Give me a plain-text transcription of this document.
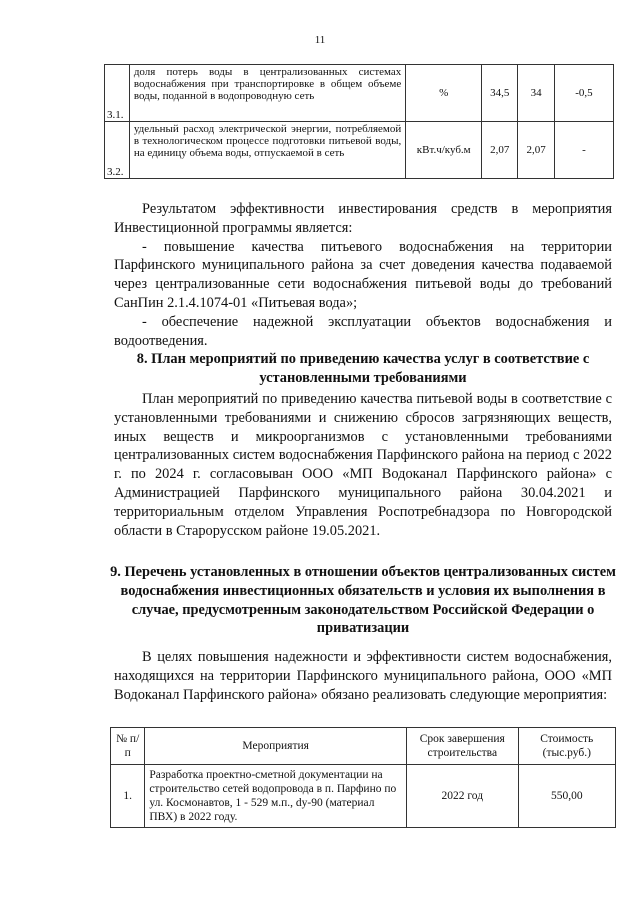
11
3.1.	доля потерь воды в централизованных системах водоснабжения при транспортировке в общем объеме воды, поданной в водопроводную сеть	%	34,5	34	-0,5
3.2.	удельный расход электрической энергии, потребляемой в технологическом процессе подготовки питьевой воды, на единицу объема воды, отпускаемой в сеть	кВт.ч/куб.м	2,07	2,07	-

Результатом эффективности инвестирования средств в мероприятия Инвестиционной программы является:

- повышение качества питьевого водоснабжения на территории Парфинского муниципального района за счет доведения качества подаваемой через централизованные сети водоснабжения питьевой воды до требований СанПин 2.1.4.1074-01 «Питьевая вода»;

- обеспечение надежной эксплуатации объектов водоснабжения и водоотведения.

8. План мероприятий по приведению качества услуг в соответствие с установленными требованиями

План мероприятий по приведению качества питьевой воды в соответствие с установленными требованиями и снижению сбросов загрязняющих веществ, иных веществ и микроорганизмов с установленными требованиями централизованных систем водоснабжения Парфинского района на период с 2022 г. по 2024 г. согласовыван ООО «МП Водоканал Парфинского района» с Администрацией Парфинского муниципального района 30.04.2021 и территориальным отделом Управления Роспотребнадзора по Новгородской области в Старорусском районе 19.05.2021.

9. Перечень установленных в отношении объектов централизованных систем водоснабжения инвестиционных обязательств и условия их выполнения в случае, предусмотренным законодательством Российской Федерации о приватизации

В целях повышения надежности и эффективности систем водоснабжения, находящихся на территории Парфинского муниципального района, ООО «МП Водоканал Парфинского района» обязано реализовать следующие мероприятия:

№ п/п	Мероприятия	Срок завершения строительства	Стоимость (тыс.руб.)
1.	Разработка проектно-сметной документации на строительство сетей водопровода в п. Парфино по ул. Космонавтов, 1 - 529 м.п., dy-90 (материал ПВХ) в 2022 году.	2022 год	550,00
